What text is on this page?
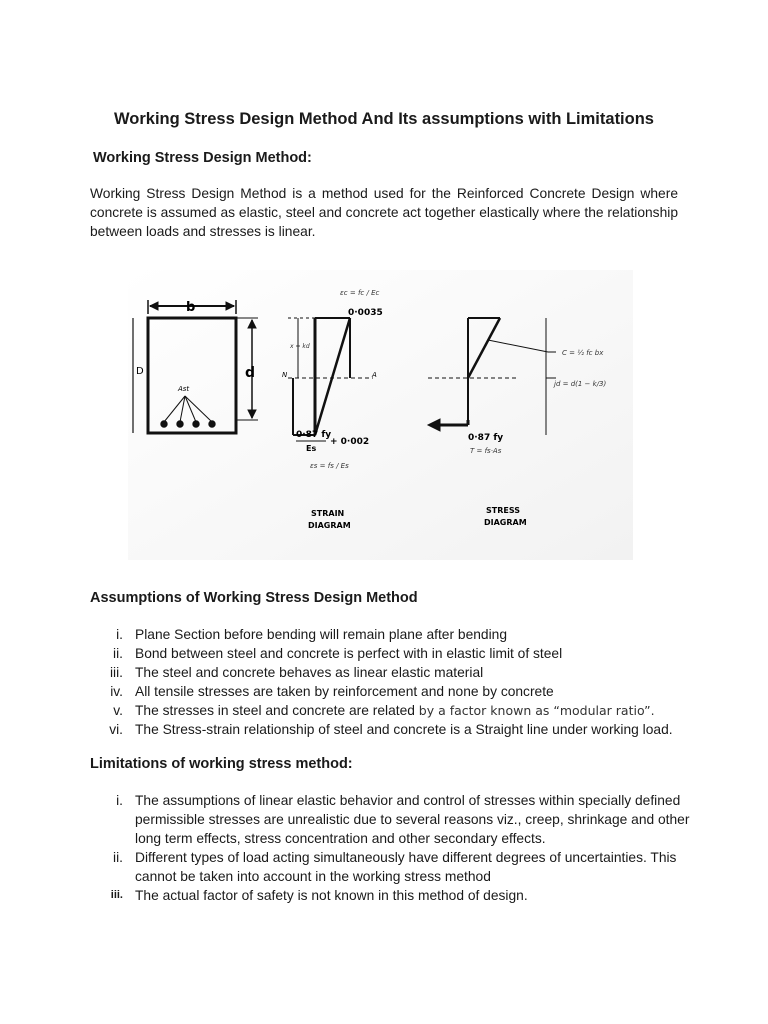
Working Stress Design Method And Its assumptions with Limitations
Working Stress Design Method:
Working Stress Design Method is a method used for the Reinforced Concrete Design where concrete is assumed as elastic, steel and concrete act together elastically where the relationship between loads and stresses is linear.
b
D	d
Ast
εc = fc / Ec
0·0035
x = kd
N	A
0·87 fy
Es
+ 0·002
εs = fs / Es
STRAIN
DIAGRAM
C = ½ fc bx
jd = d(1 − k/3)
0·87 fy
T = fs·As
STRESS
DIAGRAM
Assumptions of Working Stress Design Method
i. Plane Section before bending will remain plane after bending
ii. Bond between steel and concrete is perfect with in elastic limit of steel
iii. The steel and concrete behaves as linear elastic material
iv. All tensile stresses are taken by reinforcement and none by concrete
v. The stresses in steel and concrete are related by a factor known as “modular ratio”.
vi. The Stress-strain relationship of steel and concrete is a Straight line under working load.
Limitations of working stress method:
i. The assumptions of linear elastic behavior and control of stresses within specially defined permissible stresses are unrealistic due to several reasons viz., creep, shrinkage and other long term effects, stress concentration and other secondary effects.
ii. Different types of load acting simultaneously have different degrees of uncertainties. This cannot be taken into account in the working stress method
iii. The actual factor of safety is not known in this method of design.
